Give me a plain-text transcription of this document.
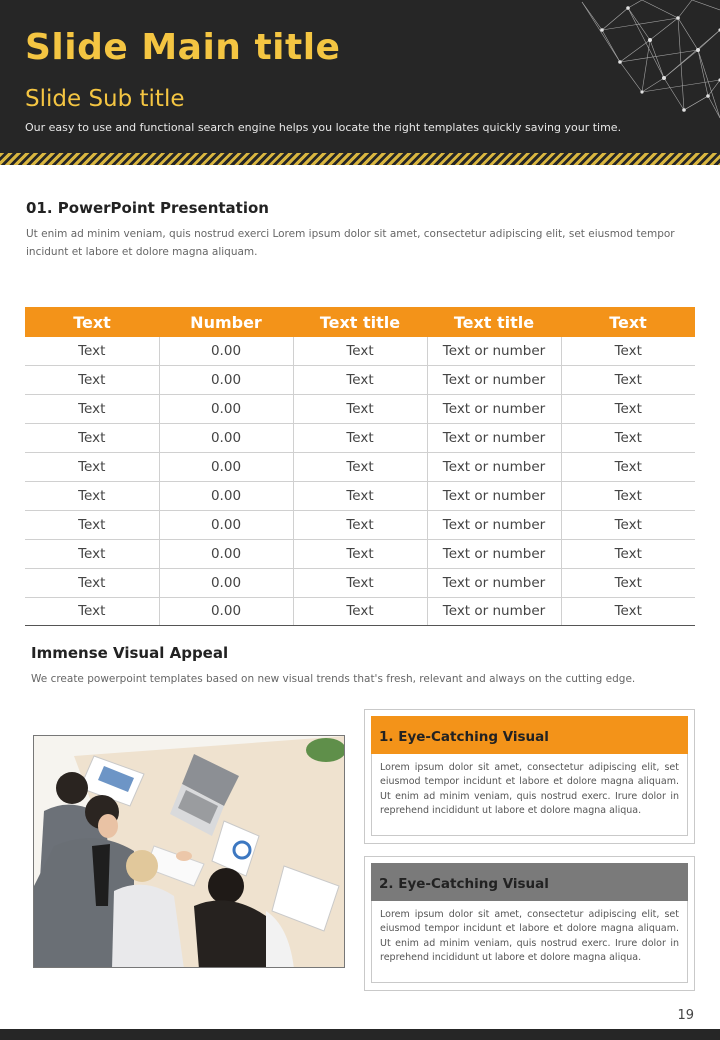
Slide Main title
Slide Sub title
Our easy to use and functional search engine helps you locate the right templates quickly saving your time.
01. PowerPoint Presentation
Ut enim ad minim veniam, quis nostrud exerci Lorem ipsum dolor sit amet, consectetur adipiscing elit, set eiusmod tempor incidunt et labore et dolore magna aliquam.
Text	Number	Text title	Text title	Text
Text	0.00	Text	Text or number	Text
Text	0.00	Text	Text or number	Text
Text	0.00	Text	Text or number	Text
Text	0.00	Text	Text or number	Text
Text	0.00	Text	Text or number	Text
Text	0.00	Text	Text or number	Text
Text	0.00	Text	Text or number	Text
Text	0.00	Text	Text or number	Text
Text	0.00	Text	Text or number	Text
Text	0.00	Text	Text or number	Text
Immense Visual Appeal
We create powerpoint templates based on new visual trends that's fresh, relevant and always on the cutting edge.
1. Eye-Catching Visual
Lorem ipsum dolor sit amet, consectetur adipiscing elit, set eiusmod tempor incidunt et labore et dolore magna aliquam. Ut enim ad minim veniam, quis nostrud exerc. Irure dolor in reprehend incididunt ut labore et dolore magna aliqua.
2. Eye-Catching Visual
Lorem ipsum dolor sit amet, consectetur adipiscing elit, set eiusmod tempor incidunt et labore et dolore magna aliquam. Ut enim ad minim veniam, quis nostrud exerc. Irure dolor in reprehend incididunt ut labore et dolore magna aliqua.
19
